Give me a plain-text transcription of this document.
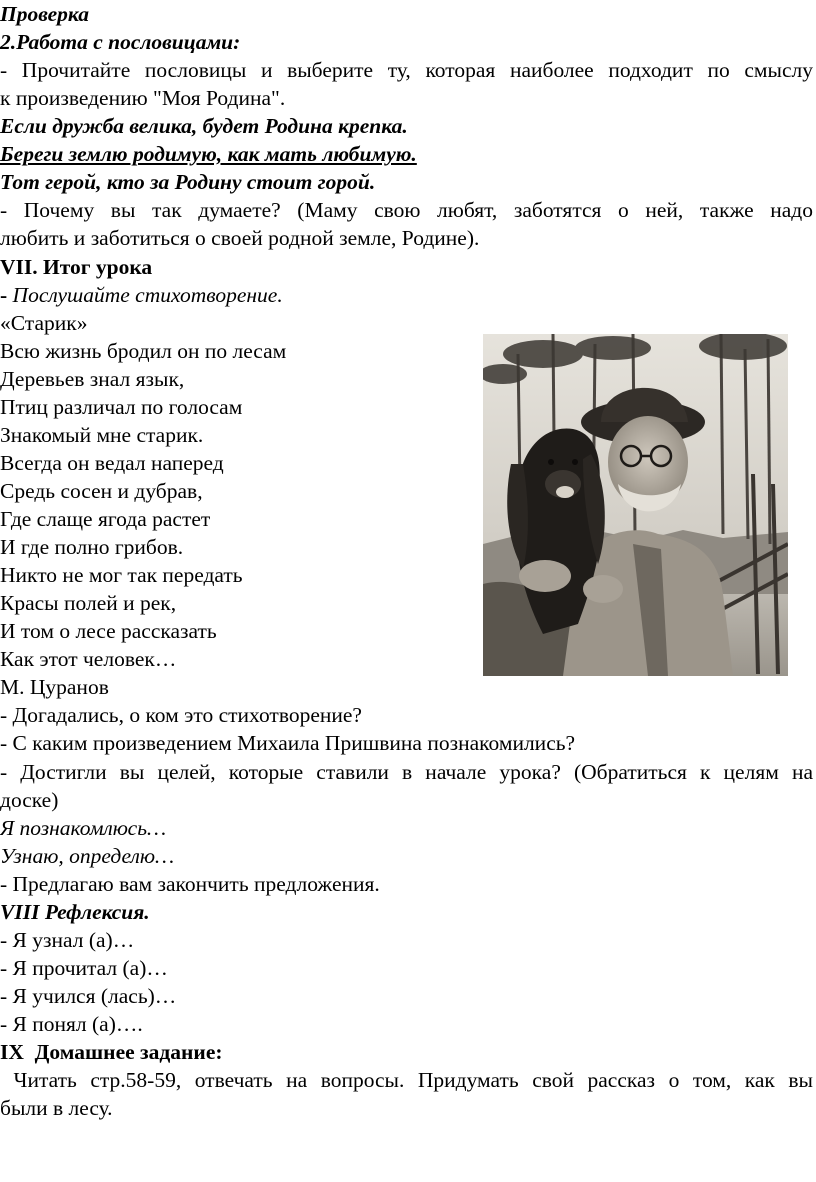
Проверка
2.Работа с пословицами:
- Прочитайте пословицы и выберите ту, которая наиболее подходит по смыслу
к произведению "Моя Родина".
Если дружба велика, будет Родина крепка.
Береги землю родимую, как мать любимую.
Тот герой, кто за Родину стоит горой.
- Почему вы так думаете? (Маму свою любят, заботятся о ней, также надо
любить и заботиться о своей родной земле, Родине).
VII. Итог урока
- Послушайте стихотворение.
«Старик»
Всю жизнь бродил он по лесам
Деревьев знал язык,
Птиц различал по голосам
Знакомый мне старик.
Всегда он ведал наперед
Средь сосен и дубрав,
Где слаще ягода растет
И где полно грибов.
Никто не мог так передать
Красы полей и рек,
И том о лесе рассказать
Как этот человек…
М. Цуранов
- Догадались, о ком это стихотворение?
- С каким произведением Михаила Пришвина познакомились?
- Достигли вы целей, которые ставили в начале урока? (Обратиться к целям на
доске)
Я познакомлюсь…
Узнаю, определю…
- Предлагаю вам закончить предложения.
VIII Рефлексия.
- Я узнал (а)…
- Я прочитал (а)…
- Я учился (лась)…
- Я понял (а)….
IX  Домашнее задание:
Читать стр.58-59, отвечать на вопросы. Придумать свой рассказ о том, как вы
были в лесу.
